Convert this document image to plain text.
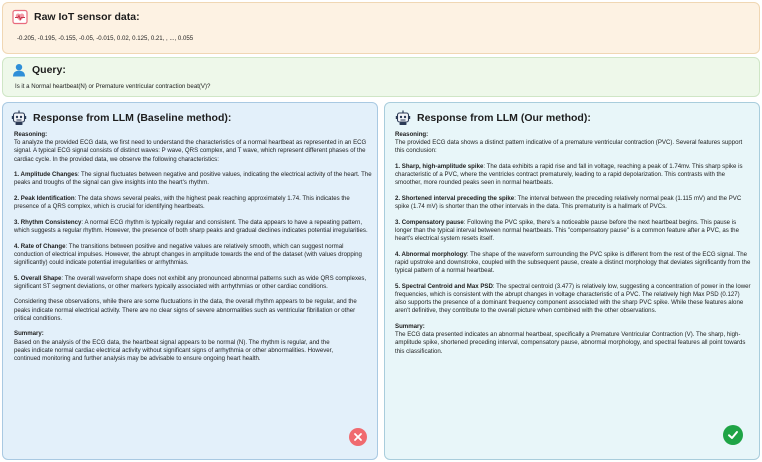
Raw IoT sensor data:
-0.205, -0.195, -0.155, -0.05, -0.015, 0.02, 0.125, 0.21, , ..., 0.055
Query:
Is it a Normal heartbeat(N) or Premature ventricular contraction beat(V)?
Response from LLM (Baseline method):

Reasoning:

To analyze the provided ECG data, we first need to understand the characteristics of a normal heartbeat as represented in an ECG signal. A typical ECG signal consists of distinct waves: P wave, QRS complex, and T wave, which represent different phases of the cardiac cycle. In the provided data, we observe the following characteristics:

1. Amplitude Changes: The signal fluctuates between negative and positive values, indicating the electrical activity of the heart. The peaks and troughs of the signal can give insights into the heart's rhythm.

2. Peak Identification: The data shows several peaks, with the highest peak reaching approximately 1.74. This indicates the presence of a QRS complex, which is crucial for identifying heartbeats.

3. Rhythm Consistency: A normal ECG rhythm is typically regular and consistent. The data appears to have a repeating pattern, which suggests a regular rhythm. However, the presence of both sharp peaks and gradual declines indicates potential irregularities.

4. Rate of Change: The transitions between positive and negative values are relatively smooth, which can suggest normal conduction of electrical impulses. However, the abrupt changes in amplitude towards the end of the dataset (with values dropping significantly) could indicate potential irregularities or arrhythmias.

5. Overall Shape: The overall waveform shape does not exhibit any pronounced abnormal patterns such as wide QRS complexes, significant ST segment deviations, or other markers typically associated with arrhythmias or other cardiac conditions.

Considering these observations, while there are some fluctuations in the data, the overall rhythm appears to be regular, and the peaks indicate normal electrical activity. There are no clear signs of severe abnormalities such as ventricular fibrillation or other critical conditions.

Summary:

Based on the analysis of the ECG data, the heartbeat signal appears to be normal (N). The rhythm is regular, and the peaks indicate normal cardiac electrical activity without significant signs of arrhythmia or other abnormalities. However, continued monitoring and further analysis may be advisable to ensure ongoing heart health.

Response from LLM (Our method):

Reasoning:

The provided ECG data shows a distinct pattern indicative of a premature ventricular contraction (PVC). Several features support this conclusion:

1. Sharp, high-amplitude spike: The data exhibits a rapid rise and fall in voltage, reaching a peak of 1.74mv. This sharp spike is characteristic of a PVC, where the ventricles contract prematurely, leading to a rapid depolarization. This contrasts with the smoother, more rounded peaks seen in normal heartbeats.

2. Shortened interval preceding the spike: The interval between the preceding relatively normal peak (1.115 mV) and the PVC spike (1.74 mV) is shorter than the other intervals in the data. This prematurity is a hallmark of PVCs.

3. Compensatory pause: Following the PVC spike, there's a noticeable pause before the next heartbeat begins. This pause is longer than the typical interval between normal heartbeats. This "compensatory pause" is a common feature after a PVC, as the heart's electrical system resets itself.

4. Abnormal morphology: The shape of the waveform surrounding the PVC spike is different from the rest of the ECG signal. The rapid upstroke and downstroke, coupled with the subsequent pause, create a distinct morphology that deviates significantly from the typical pattern of a normal heartbeat.

5. Spectral Centroid and Max PSD: The spectral centroid (3.477) is relatively low, suggesting a concentration of power in the lower frequencies, which is consistent with the abrupt changes in voltage characteristic of a PVC. The relatively high Max PSD (0.127) also supports the presence of a dominant frequency component associated with the sharp PVC spike. While these features alone aren't definitive, they contribute to the overall picture when combined with the other observations.

Summary:

The ECG data presented indicates an abnormal heartbeat, specifically a Premature Ventricular Contraction (V). The sharp, high-amplitude spike, shortened preceding interval, compensatory pause, abnormal morphology, and spectral features all point towards this classification.
